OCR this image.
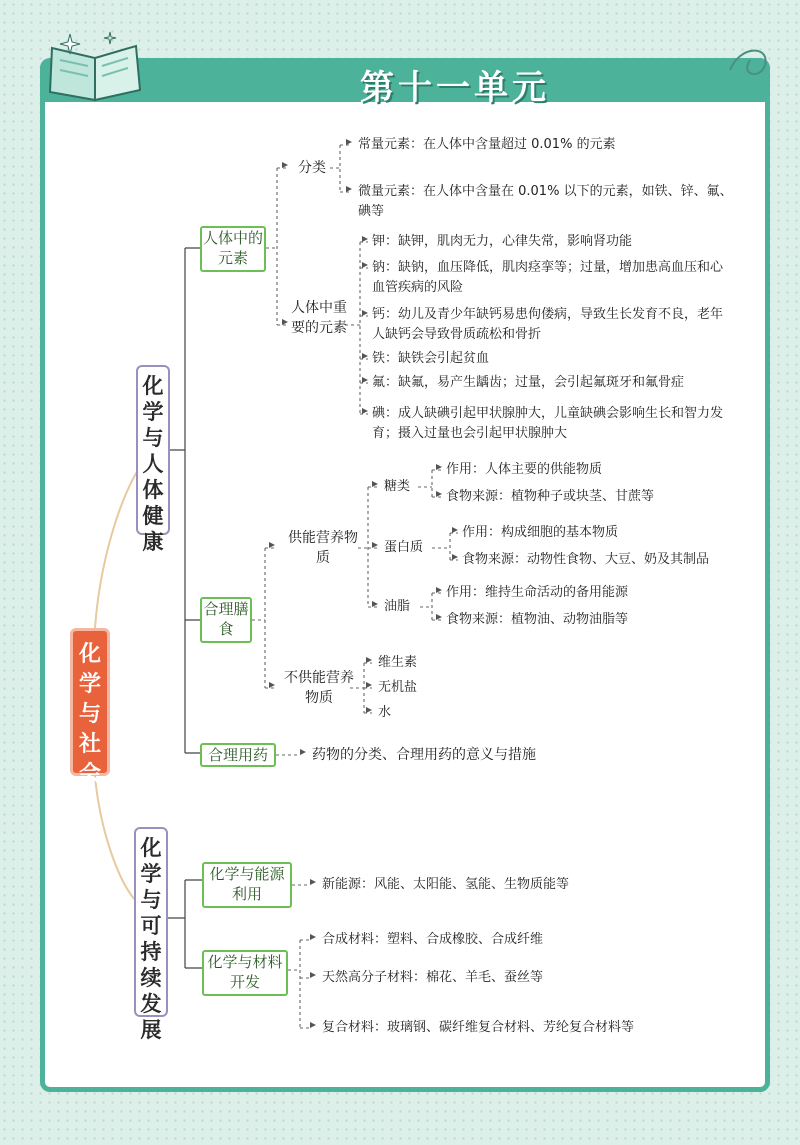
第十一单元
化学与社会
化学与人体健康
化学与可持续发展
人体中的元素
合理膳食
合理用药
化学与能源利用
化学与材料开发
分类
常量元素：在人体中含量超过 0.01% 的元素
微量元素：在人体中含量在 0.01% 以下的元素，如铁、锌、氟、碘等
人体中重要的元素
钾：缺钾，肌肉无力，心律失常，影响肾功能
钠：缺钠，血压降低，肌肉痉挛等；过量，增加患高血压和心血管疾病的风险
钙：幼儿及青少年缺钙易患佝偻病，导致生长发育不良，老年人缺钙会导致骨质疏松和骨折
铁：缺铁会引起贫血
氟：缺氟，易产生龋齿；过量，会引起氟斑牙和氟骨症
碘：成人缺碘引起甲状腺肿大，儿童缺碘会影响生长和智力发育；摄入过量也会引起甲状腺肿大
供能营养物质
糖类
作用：人体主要的供能物质
食物来源：植物种子或块茎、甘蔗等
蛋白质
作用：构成细胞的基本物质
食物来源：动物性食物、大豆、奶及其制品
油脂
作用：维持生命活动的备用能源
食物来源：植物油、动物油脂等
不供能营养物质
维生素
无机盐
水
药物的分类、合理用药的意义与措施
新能源：风能、太阳能、氢能、生物质能等
合成材料：塑料、合成橡胶、合成纤维
天然高分子材料：棉花、羊毛、蚕丝等
复合材料：玻璃钢、碳纤维复合材料、芳纶复合材料等
